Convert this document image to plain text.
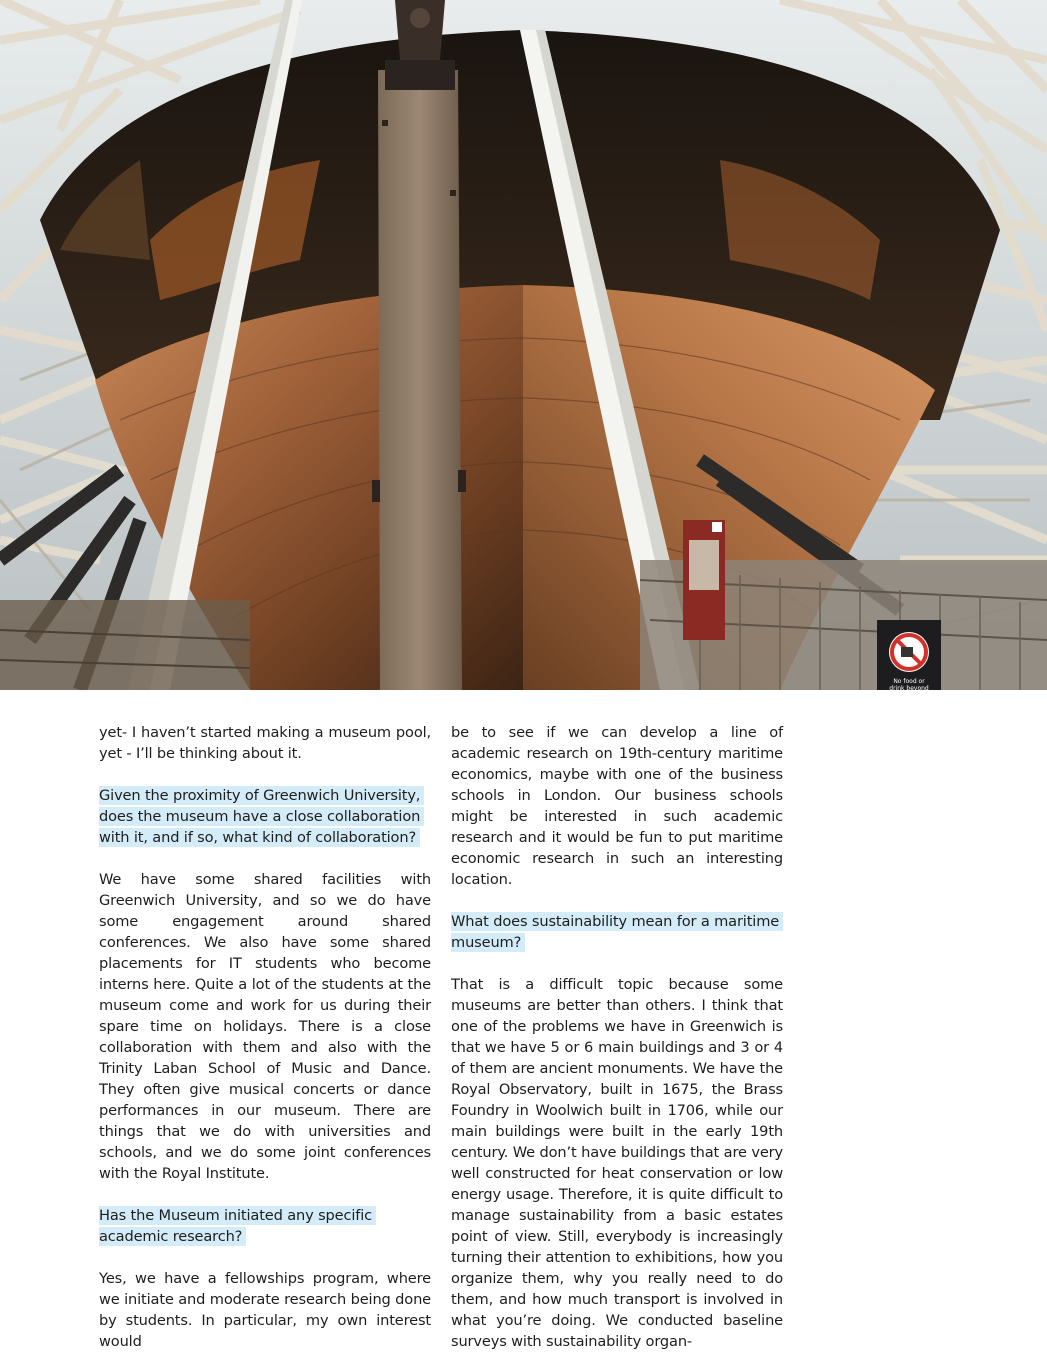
No food or
drink beyond

yet- I haven’t started making a museum pool, yet - I’ll be thinking about it.

Given the proximity of Greenwich University, does the museum have a close collaboration with it, and if so, what kind of collaboration?

We have some shared facilities with Greenwich University, and so we do have some engagement around shared conferences. We also have some shared placements for IT students who become interns here. Quite a lot of the students at the museum come and work for us during their spare time on holidays. There is a close collaboration with them and also with the Trinity Laban School of Music and Dance. They often give musical concerts or dance performances in our museum. There are things that we do with universities and schools, and we do some joint conferences with the Royal Institute.

Has the Museum initiated any specific academic research?

Yes, we have a fellowships program, where we initiate and moderate research being done by students. In particular, my own interest would

be to see if we can develop a line of academic research on 19th-century maritime economics, maybe with one of the business schools in London. Our business schools might be interested in such academic research and it would be fun to put maritime economic research in such an interesting location.

What does sustainability mean for a maritime museum?

That is a difficult topic because some museums are better than others. I think that one of the problems we have in Greenwich is that we have 5 or 6 main buildings and 3 or 4 of them are ancient monuments. We have the Royal Observatory, built in 1675, the Brass Foundry in Woolwich built in 1706, while our main buildings were built in the early 19th century. We don’t have buildings that are very well constructed for heat conservation or low energy usage. Therefore, it is quite difficult to manage sustainability from a basic estates point of view. Still, everybody is increasingly turning their attention to exhibitions, how you organize them, why you really need to do them, and how much transport is involved in what you’re doing. We conducted baseline surveys with sustainability organ-
